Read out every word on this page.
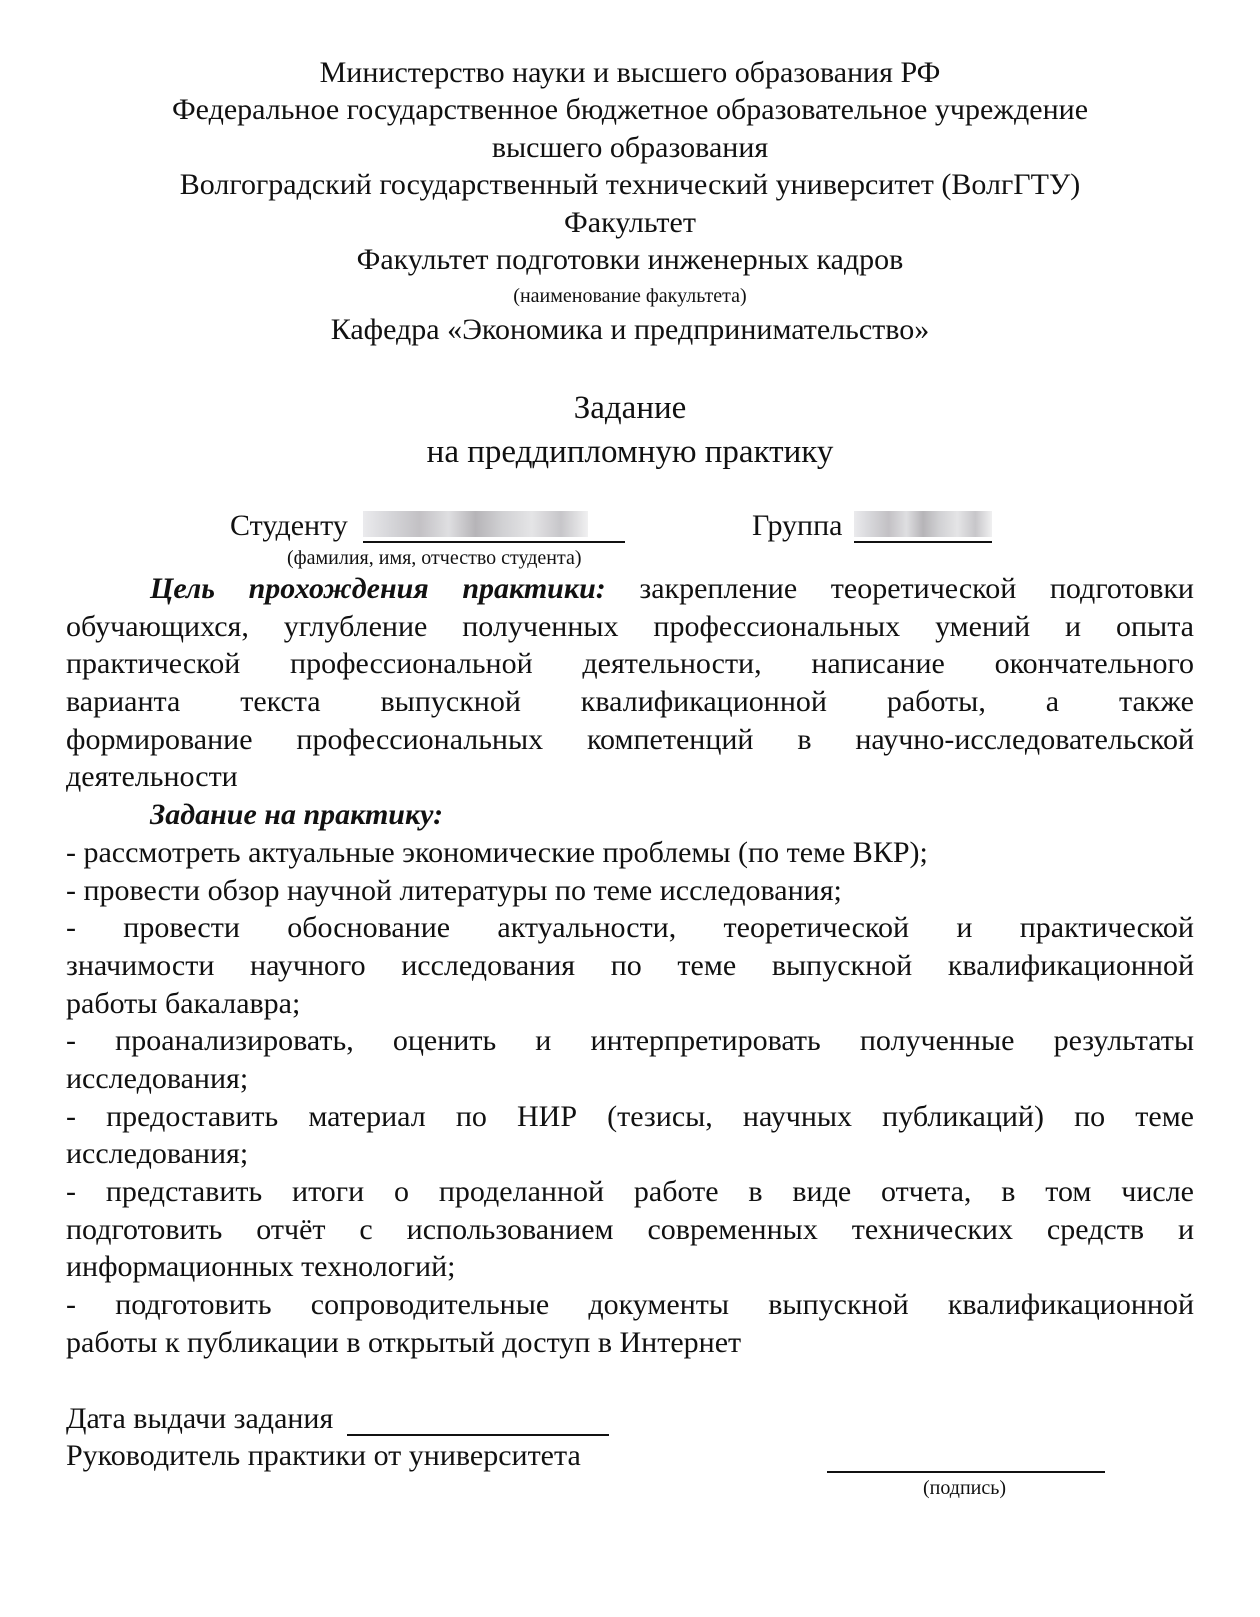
Министерство науки и высшего образования РФ
Федеральное государственное бюджетное образовательное учреждение
высшего образования
Волгоградский государственный технический университет (ВолгГТУ)
Факультет
Факультет подготовки инженерных кадров
(наименование факультета)
Кафедра «Экономика и предпринимательство»
Задание
на преддипломную практику
Студенту
(фамилия, имя, отчество студента)
Группа
Цель прохождения практики: закрепление теоретической подготовки
обучающихся, углубление полученных профессиональных умений и опыта
практической профессиональной деятельности, написание окончательного
варианта текста выпускной квалификационной работы, а также
формирование профессиональных компетенций в научно-исследовательской
деятельности
Задание на практику:
- рассмотреть актуальные экономические проблемы (по теме ВКР);
- провести обзор научной литературы по теме исследования;
- провести обоснование актуальности, теоретической и практической
значимости научного исследования по теме выпускной квалификационной
работы бакалавра;
- проанализировать, оценить и интерпретировать полученные результаты
исследования;
- предоставить материал по НИР (тезисы, научных публикаций) по теме
исследования;
- представить итоги о проделанной работе в виде отчета, в том числе
подготовить отчёт с использованием современных технических средств и
информационных технологий;
- подготовить сопроводительные документы выпускной квалификационной
работы к публикации в открытый доступ в Интернет
Дата выдачи задания
Руководитель практики от университета
(подпись)
